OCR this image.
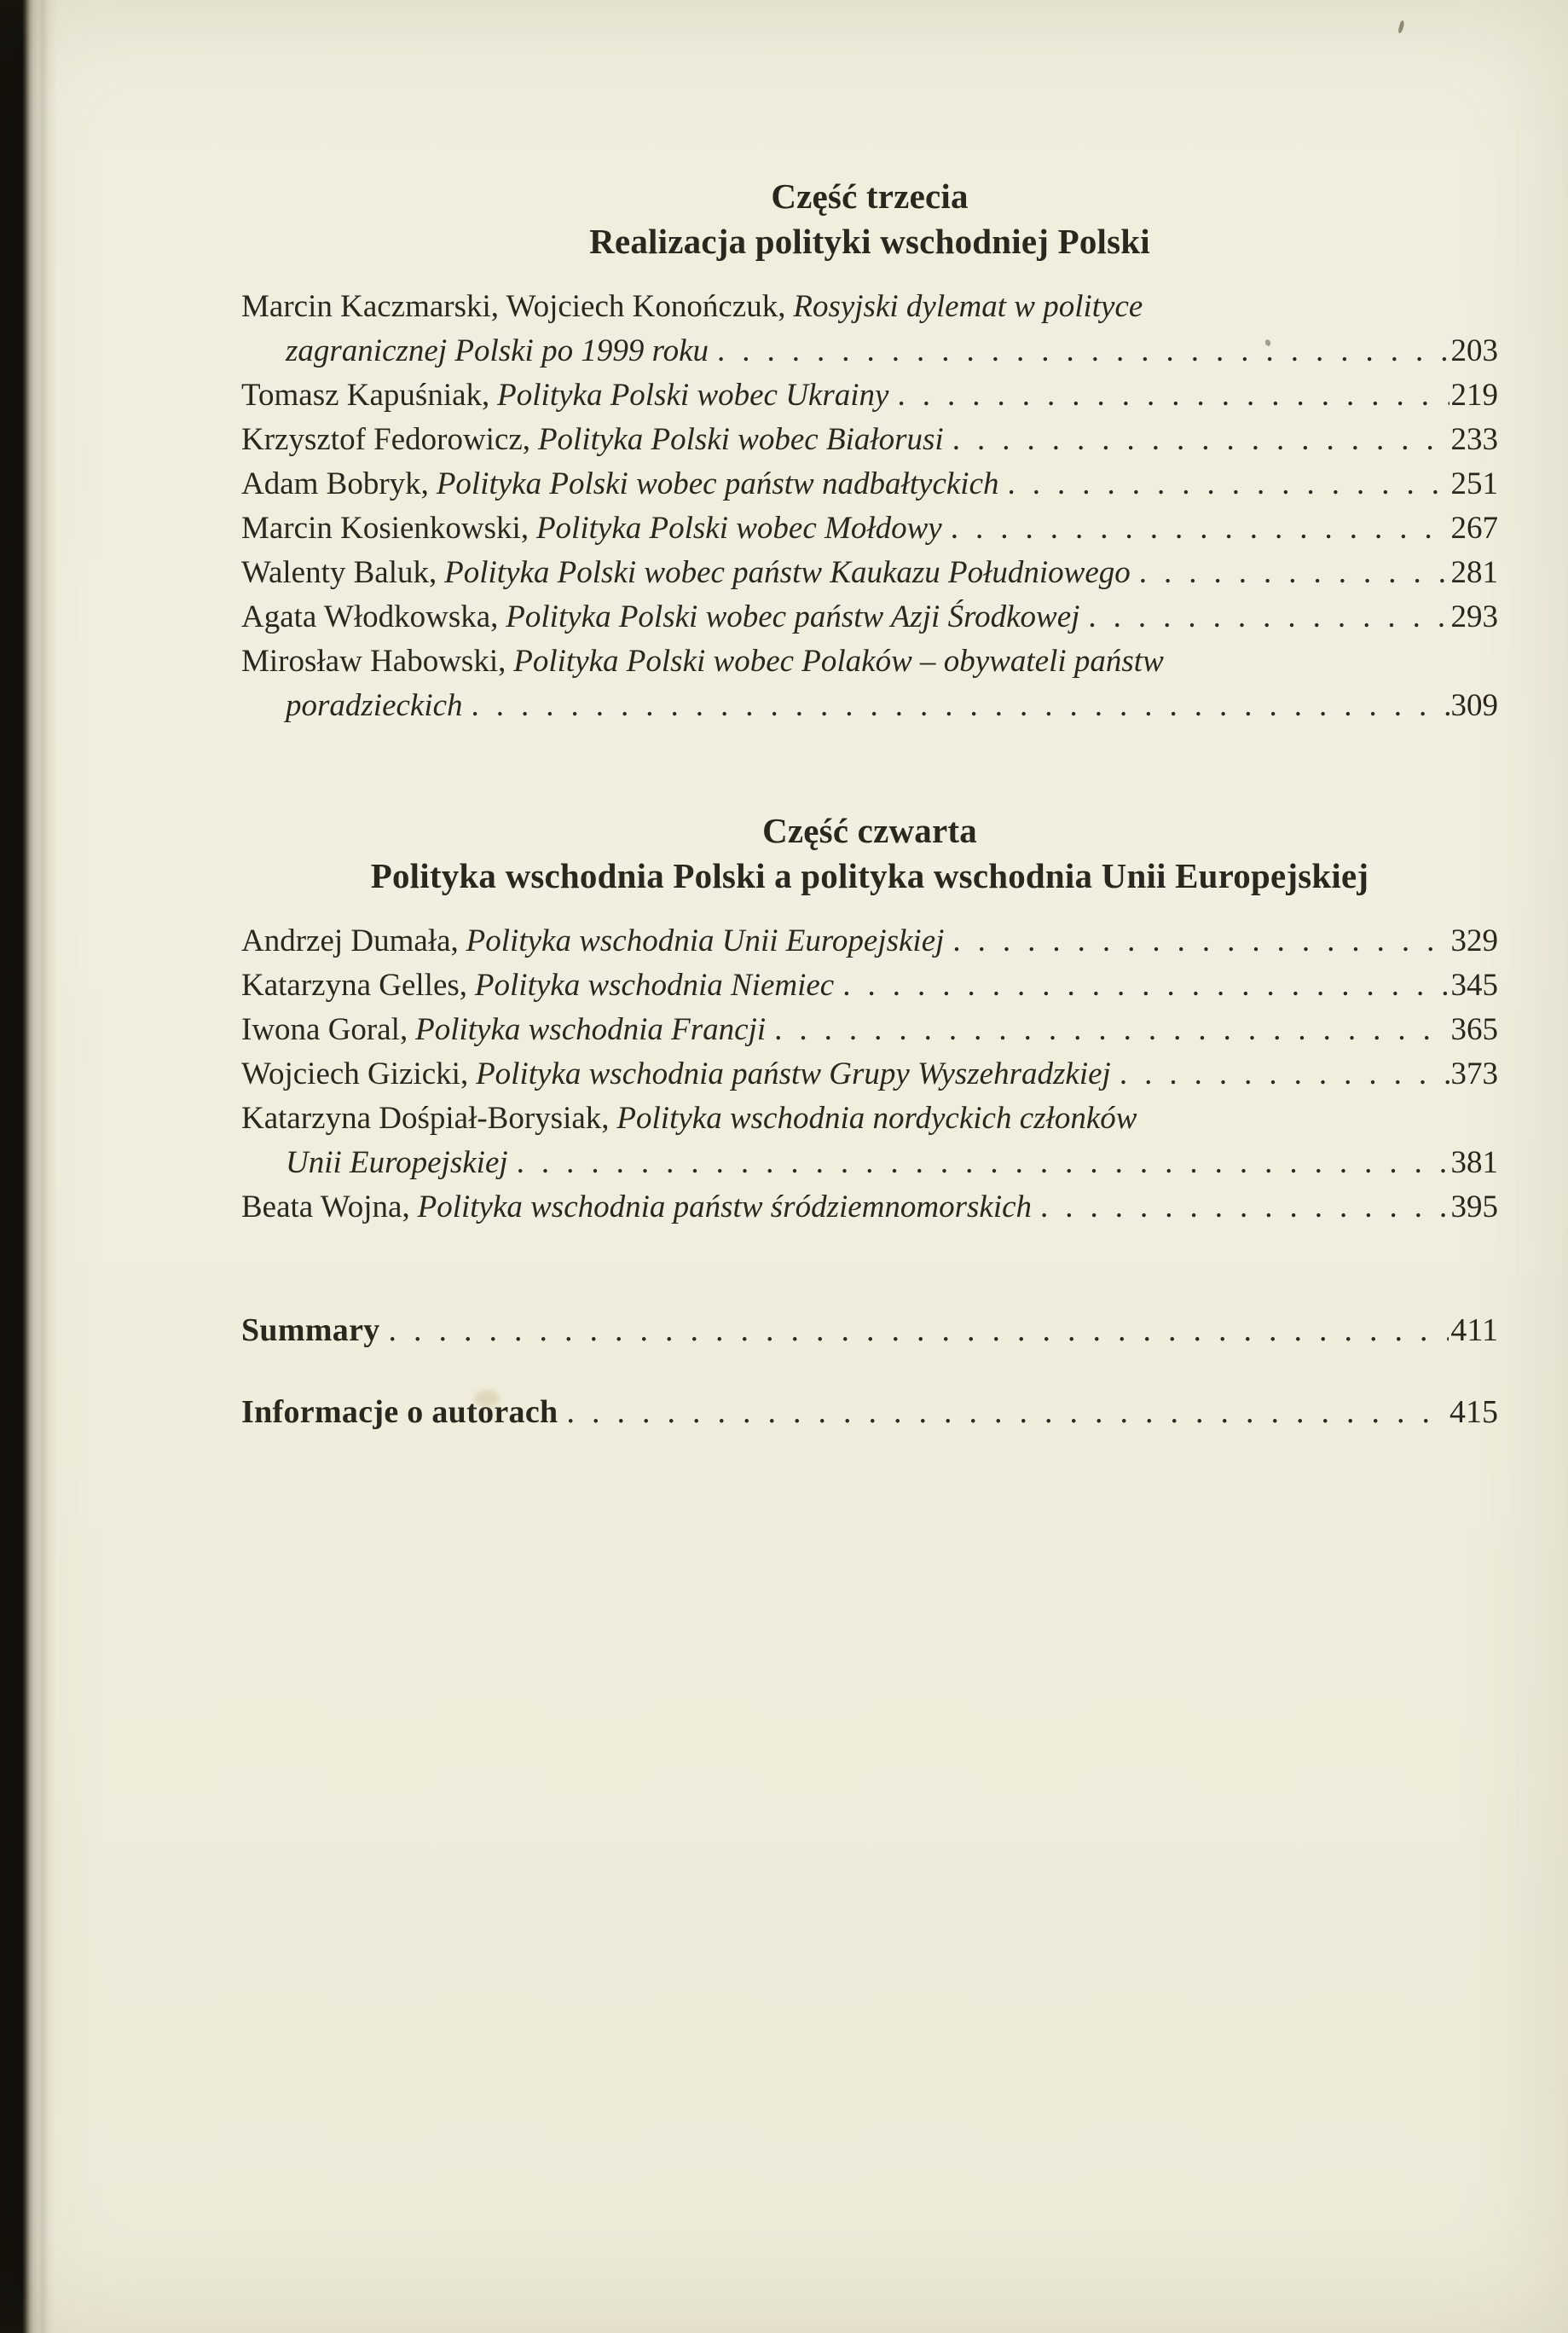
Część trzecia
Realizacja polityki wschodniej Polski
Marcin Kaczmarski, Wojciech Konończuk, Rosyjski dylemat w polityce
zagranicznej Polski po 1999 roku .....	203
Tomasz Kapuśniak, Polityka Polski wobec Ukrainy .....	219
Krzysztof Fedorowicz, Polityka Polski wobec Białorusi .....	233
Adam Bobryk, Polityka Polski wobec państw nadbałtyckich .....	251
Marcin Kosienkowski, Polityka Polski wobec Mołdowy .....	267
Walenty Baluk, Polityka Polski wobec państw Kaukazu Południowego .....	281
Agata Włodkowska, Polityka Polski wobec państw Azji Środkowej .....	293
Mirosław Habowski, Polityka Polski wobec Polaków – obywateli państw
poradzieckich .....	309
Część czwarta
Polityka wschodnia Polski a polityka wschodnia Unii Europejskiej
Andrzej Dumała, Polityka wschodnia Unii Europejskiej .....	329
Katarzyna Gelles, Polityka wschodnia Niemiec .....	345
Iwona Goral, Polityka wschodnia Francji .....	365
Wojciech Gizicki, Polityka wschodnia państw Grupy Wyszehradzkiej .....	373
Katarzyna Dośpiał-Borysiak, Polityka wschodnia nordyckich członków
Unii Europejskiej .....	381
Beata Wojna, Polityka wschodnia państw śródziemnomorskich .....	395
Summary .....	411
Informacje o autorach .....	415
